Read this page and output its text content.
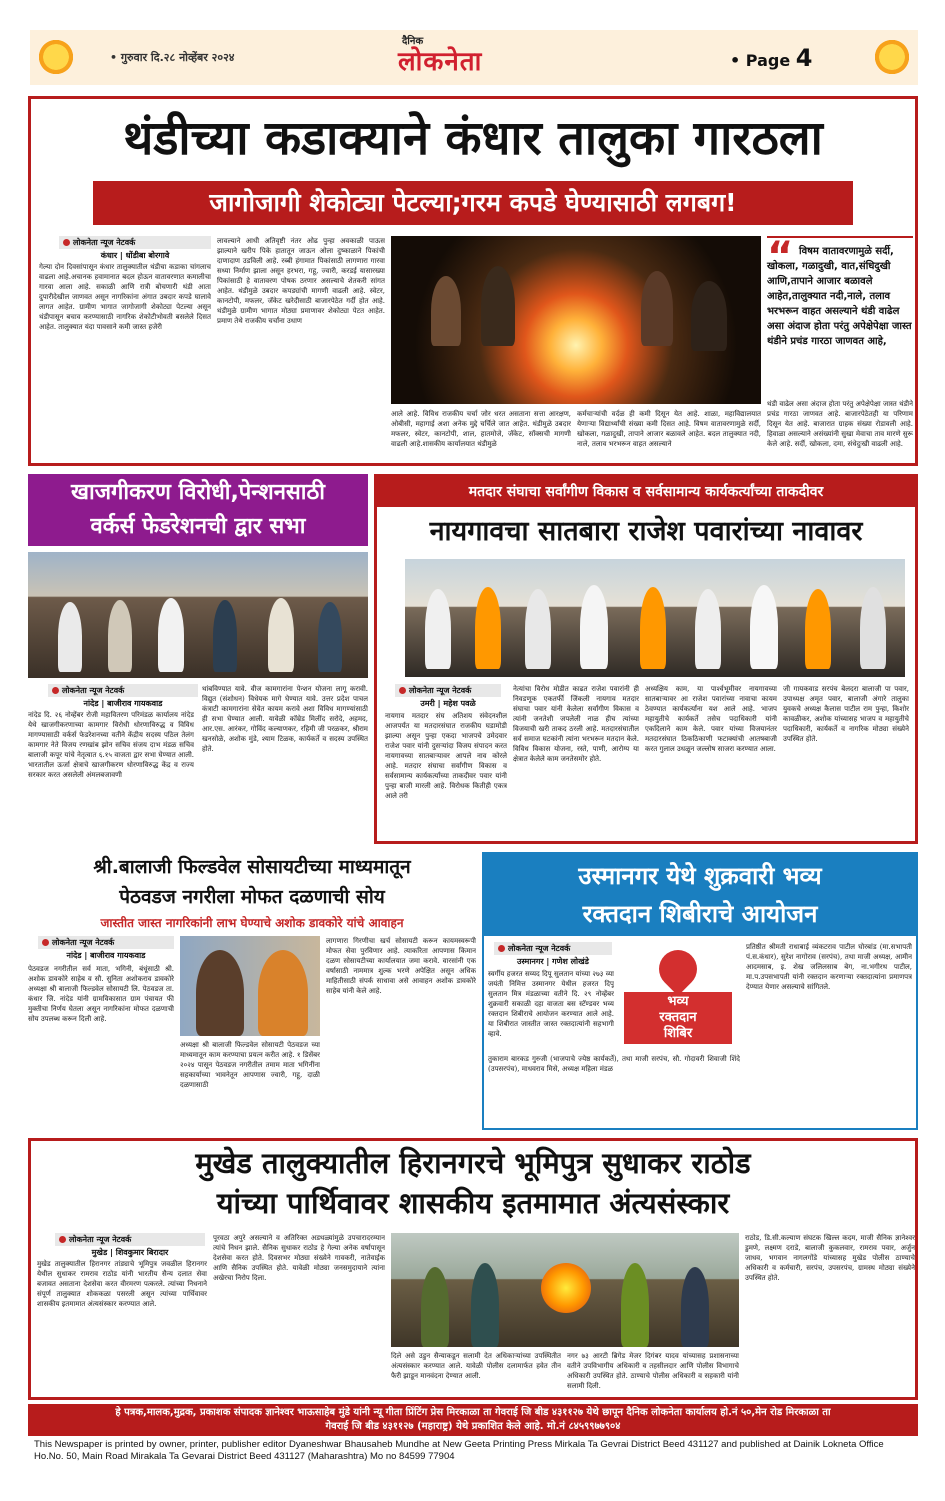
• गुरुवार दि.२८ नोव्हेंबर २०२४
दैनिक
लोकनेता	• Page 4
थंडीच्या कडाक्याने कंधार तालुका गारठला
जागोजागी शेकोट्या पेटल्या;गरम कपडे घेण्यासाठी लगबग!
लोकनेता न्यूज नेटवर्क
कंधार | धोंडीबा बोरगावे
गेल्या दोन दिवसांपासून कंधार तालुक्यातील थंडीचा कडाका चांगलाच वाढला आहे.अचानक हवामानात बदल होऊन वातावरणात कमालीचा गारवा आला आहे. सकाळी आणि रात्री बोचणारी थंडी आता दुपारीदेखील जाणवत असून नागरिकांना अंगात उबदार कपडे घालावे लागत आहेत. ग्रामीण भागात जागोजागी शेकोट्या पेटल्या असून थंडीपासून बचाव करण्यासाठी नागरिक शेकोटीभोवती बसलेले दिसत आहेत. तालुक्यात यंदा पावसाने कमी जास्त हजेरी
लावल्याने आधी अतिवृष्टी नंतर ओढ पुन्हा अवकाळी पाऊस झाल्याने खरीप पिके हातातून जाऊन ओला दुष्काळाने पिकांची दाणादाण उडविली आहे. रब्बी हंगामात पिकांसाठी लागणारा गारवा सध्या निर्माण झाला असून हरभरा, गहू, ज्वारी, करडई यासारख्या पिकांसाठी हे वातावरण पोषक ठरणार असल्याचे शेतकरी सांगत आहेत. थंडीमुळे उबदार कपड्यांची मागणी वाढली आहे. स्वेटर, कानटोपी, मफलर, जॅकेट खरेदीसाठी बाजारपेठेत गर्दी होत आहे. थंडीमुळे ग्रामीण भागात मोठ्या प्रमाणावर शेकोट्या पेटत आहेत. प्रमाण तेथे राजकीय चर्चांना उधाण
आले आहे. विविध राजकीय चर्चा जोर धरत असताना सत्ता आरक्षण, ओबीसी, महागाई अशा अनेक मुद्दे चर्चिले जात आहेत. थंडीमुळे उबदार मफलर, स्वेटर, कानटोपी, शाल, हातमोजे, जॅकेट, सॉक्सची मागणी वाढली आहे.शासकीय कार्यालयात थंडीमुळे
कर्मचाऱ्यांची वर्दळ ही कमी दिसून येत आहे. शाळा, महाविद्यालयात येणाऱ्या विद्यार्थ्यांची संख्या कमी दिसत आहे. विषम वातावरणामुळे सर्दी, खोकला, गळादुखी, तापाने आजार बळावले आहेत. बदल तालुक्यात नदी, नाले, तलाव भरभरून वाहत असल्याने
“ विषम वातावरणामुळे सर्दी, खोकला, गळादुखी, वात,संधिदुखी आणि,तापाने आजार बळावले आहेत,तालुक्यात नदी,नाले, तलाव भरभरून वाहत असल्याने थंडी वाढेल असा अंदाज होता परंतु अपेक्षेपेक्षा जास्त थंडीने प्रचंड गारठा जाणवत आहे,
थंडी वाढेल असा अंदाज होता परंतु अपेक्षेपेक्षा जास्त थंडीने प्रचंड गारठा जाणवत आहे. बाजारपेठेतही या परिणाम दिसून येत आहे. बाजारात ग्राहक संख्या रोडावली आहे. हिवाळा असल्याने असंख्यांनी सुखा मेवाचा ताव मारणे सुरू केले आहे. सर्दी, खोकला, दमा, संधेदुःखी वाढली आहे.
खाजगीकरण विरोधी,पेन्शनसाठी
वर्कर्स फेडरेशनची द्वार सभा
लोकनेता न्यूज नेटवर्क
नांदेड | बाजीराव गायकवाड
नांदेड दि. २६ नोव्हेंबर रोजी महावितरण परिमंडळ कार्यालय नांदेड येथे खाजगीकरणाच्या कामगार विरोधी धोरणाविरुद्ध व विविध मागण्यासाठी वर्कर्स फेडरेशनच्या वतीने केंद्रीय सदस्य पठिल तेलंग कामगार नेते विजय रणखांब झोन सचिव संजय दाभ मंडळ सचिव बालाजी कपूर यांचे नेतृत्वात ६.१५ वाजता द्वार सभा घेण्यात आली. भारतातील ऊर्जा क्षेत्राचे खाजगीकरण धोरणाविरुद्ध केंद्र व राज्य सरकार करत असलेली अंमलबजावणी
थांबविण्यात यावे. वीज कामगारांना पेन्शन योजना लागू करावी. विद्युत (संशोधन) विधेयक मागे घेण्यात यावे. उत्तर प्रदेश पाचल कंत्राटी कामगारांना सेवेत कायम करावे अशा विविध मागण्यांसाठी ही सभा घेण्यात आली. यावेळी कॉम्रेड मिलींद सरोदे, अहमद, आर.एस. आरंकर, गोविंद कल्याणकर, रहिमी जी परळकर, श्रीराम खनसोळे, अशोक मुंडे, श्याम टिळक, कार्यकर्ते व सदस्य उपस्थित होते.
मतदार संघाचा सर्वांगीण विकास व सर्वसामान्य कार्यकर्त्यांच्या ताकदीवर
नायगावचा सातबारा राजेश पवारांच्या नावावर
लोकनेता न्यूज नेटवर्क
उमरी | महेश पवळे
नायगाव मतदार संघ अतिशय संवेदनशील आजपर्यंत या मतदारसंघात राजकीय घडामोडी झाल्या असून पुन्हा एकदा भाजपचे उमेदवार राजेश पवार यांनी दुसऱ्यांदा विजय संपादन करत नायगावच्या सातबाऱ्यावर आपले नाव कोरले आहे. मतदार संघाचा सर्वांगीण विकास व सर्वसामान्य कार्यकर्त्यांच्या ताकदीवर पवार यांनी पुन्हा बाजी मारली आहे. विरोधक कितीही एकत्र आले तरी
नेत्यांचा विरोध मोडीत काढत राजेश पवारांनी ही निवडणूक एकतर्फी जिंकली नायगाव मतदार संघाचा पवार यांनी केलेला सर्वांगीण विकास व त्यांनी जनतेशी जपलेली नाळ हीच त्यांच्या विजयाची खरी ताकद ठरली आहे. मतदारसंघातील सर्व समाज घटकांनी त्यांना भरभरून मतदान केले. विविध विकास योजना, रस्ते, पाणी, आरोग्य या क्षेत्रात केलेले काम जनतेसमोर होते.
अध्यक्षिय काम, या पार्श्वभूमीवर नायगावच्या सातबाऱ्यावर आ राजेश पवारांच्या नावाचा कायम ठेवण्यात कार्यकर्त्यांना यश आले आहे. भाजप महायुतीचे कार्यकर्ते तसेच पदाधिकारी यांनी एकदिलाने काम केले. पवार यांच्या विजयानंतर मतदारसंघात ठिकठिकाणी फटाक्यांची आतषबाजी करत गुलाल उधळून जल्लोष साजरा करण्यात आला.
जी गायकवाड सरपंच बेलदरा बालाजी पा पवार, उपाध्यक्ष अमृत पवार, बालाजी अंगारे तालुका युवकचे अध्यक्ष कैलास पाटील राम पुन्हा, किशोर कावळीकर, अशोक यांच्यासह भाजप व महायुतीचे पदाधिकारी, कार्यकर्ते व नागरिक मोठ्या संख्येने उपस्थित होते.
श्री.बालाजी फिल्डवेल सोसायटीच्या माध्यमातून
पेठवडज नगरीला मोफत दळणाची सोय
जास्तीत जास्त नागरिकांनी लाभ घेण्याचे अशोक डावकोरे यांचे आवाहन
लोकनेता न्यूज नेटवर्क
नांदेड | बाजीराव गायकवाड
पेठवडज नगरीतील सर्व माता, भगिनी, बंधूंसाठी श्री. अशोक डावकोरे साहेब व सौ. सुनिता अशोकराव डावकोरे अध्यक्षा श्री बालाजी फिल्डवेल सोसायटी लि. पेठवडज ता. कंधार जि. नांदेड यांनी ग्रामविकासात ग्राम पंचायत फी मुक्तीचा निर्णय घेतला असून नागरिकांना मोफत दळणाची सोय उपलब्ध करून दिली आहे.
अध्यक्षा श्री बालाजी फिल्डवेल सोसायटी पेठवडज च्या माध्यमातून काम करण्याचा प्रयत्न करीत आहे. १ डिसेंबर २०२४ पासून पेठवडज नगरीतील तमाम माता भगिनींना सहकार्याच्या भावनेतून आपणास ज्वारी, गहू, दाळी दळणासाठी
लागणारा गिरणीचा खर्च सोसायटी करून कायमस्वरूपी मोफत सेवा पुरविणार आहे. त्याकरिता आपणास किमान दळण सोसायटीच्या कार्यालयात जमा करावे. वारसांनी एक वर्षासाठी नाममात्र शुल्क भरणे अपेक्षित असून अधिक माहितीसाठी संपर्क साधावा असे आवाहन अशोक डावकोरे साहेब यांनी केले आहे.
उस्मानगर येथे शुक्रवारी भव्य
रक्तदान शिबीराचे आयोजन
लोकनेता न्यूज नेटवर्क
उस्मानगर | गणेश लोखंडे
स्वर्गीय हजरत सय्यद दिपू सुलतान यांच्या २७३ व्या जयंती निमित्त उस्मानगर येथील हजरत दिपू सुलतान मित्र मंडळाच्या वतीने दि. २९ नोव्हेंबर शुक्रवारी सकाळी दहा वाजता बस स्टॅण्डवर भव्य रक्तदान शिबीराचे आयोजन करण्यात आले आहे. या शिबीरात जास्तीत जास्त रक्तदात्यांनी सहभागी व्हावे.
भव्य
रक्तदान
शिबिर
तुकाराम बारकड गुरुजी (भाजपाचे ज्येष्ठ कार्यकर्ते), तथा माजी सरपंच, सौ. गोदावरी शिवाजी शिंदे (उपसरपंच), माधवराव मिसे, अध्यक्ष महिला मंडळ
प्रतिष्ठीत श्रीमती राधाबाई व्यंकटराव पाटील घोरबांड (मा.सभापती पं.स.कंधार), सुरेश नागोराव (सरपंच), तथा माजी अध्यक्ष, आमीन आदमसाब, इ. शेख जलिलसाब बेग, ना.भगीरथ पाटील, मा.प.उपसभापती यांनी रक्तदान करणाऱ्या रक्तदात्यांना प्रमाणपत्र देण्यात येणार असल्याचे सांगितले.
मुखेड तालुक्यातील हिरानगरचे भूमिपुत्र सुधाकर राठोड
यांच्या पार्थिवावर शासकीय इतमामात अंत्यसंस्कार
लोकनेता न्यूज नेटवर्क
मुखेड | शिवकुमार बिरादार
मुखेड तालुक्यातील हिरानगर तांड्याचे भूमिपुत्र जवळील हिरानगर येथील सुधाकर रामराव राठोड यांनी भारतीय सैन्य दलात सेवा बजावत असताना देशसेवा करत वीरमरण पत्करले. त्यांच्या निधनाने संपूर्ण तालुक्यात शोककळा पसरली असून त्यांच्या पार्थिवावर शासकीय इतमामात अंत्यसंस्कार करण्यात आले.
पूरवठा अपुरे असल्याने व अतिरिक्त अडथळ्यांमुळे उपचारादरम्यान त्यांचे निधन झाले. सैनिक सुधाकर राठोड हे गेल्या अनेक वर्षापासून देशसेवा करत होते. दिवसभर मोठ्या संख्येने गावकरी, नातेवाईक आणि सैनिक उपस्थित होते. यावेळी मोठ्या जनसमुदायाने त्यांना अखेरचा निरोप दिला.
दिले असे उडुन सैन्याकडून सलामी देत अधिकाऱ्यांच्या उपस्थितीत अंत्यसंस्कार करण्यात आले. यावेळी पोलीस दलामार्फत हवेत तीन फैरी झाडून मानवंदना देण्यात आली.
नगर ७३ आरटी ब्रिगेड मेजर दिगंबर यादव यांच्यासह प्रशासनाच्या वतीने उपविभागीय अधिकारी व तहसीलदार आणि पोलीस विभागाचे अधिकारी उपस्थित होते. ठाण्याचे पोलीस अधिकारी व सहकारी यांनी सलामी दिली.
राठोड, डि.सी.कल्याण संघटक खिल्ल कदम, माजी सैनिक ज्ञानेश्वर डुमणे, लक्ष्मण दराडे, बालाजी कुकलवार, रामराव पवार, अर्जुन जाधव, भगवान नागलगोंडे यांच्यासह मुखेड पोलीस ठाण्याचे अधिकारी व कर्मचारी, सरपंच, उपसरपंच, ग्रामस्थ मोठ्या संख्येने उपस्थित होते.
हे पत्रक,मालक,मुद्रक, प्रकाशक संपादक ज्ञानेश्वर भाऊसाहेब मुंडे यांनी न्यू गीता प्रिंटिंग प्रेस मिरकाळा ता गेवराई जि बीड ४३११२७ येथे छापून दैनिक लोकनेता कार्यालय हो.नं ५०,मेन रोड मिरकाळा ता
गेवराई जि बीड ४३११२७ (महाराष्ट्र) येथे प्रकाशित केले आहे. मो.नं ८४५९९७७९०४
This Newspaper is printed by owner, printer, publisher editor Dyaneshwar Bhausaheb Mundhe at New Geeta Printing Press Mirkala Ta Gevrai District Beed 431127 and published at Dainik Lokneta Office Ho.No. 50, Main Road Mirakala Ta Gevarai District Beed 431127 (Maharashtra) Mo no 84599 77904
